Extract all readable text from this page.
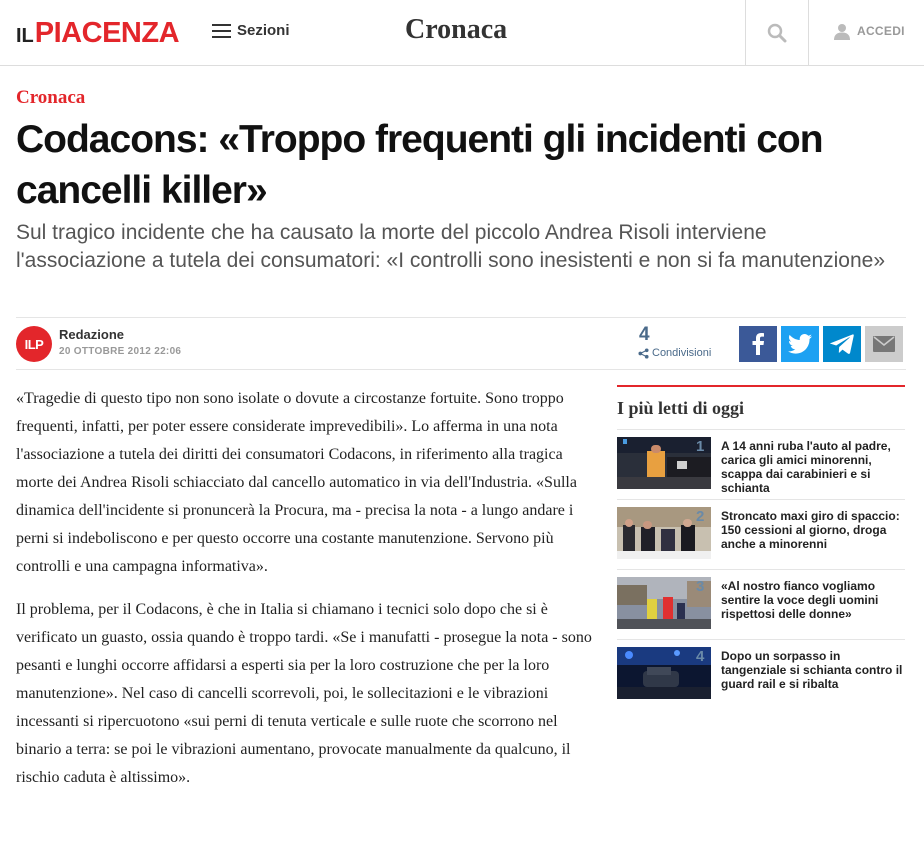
ILPIACENZA	Sezioni	Cronaca	ACCEDI
Cronaca
Codacons: «Troppo frequenti gli incidenti con cancelli killer»
Sul tragico incidente che ha causato la morte del piccolo Andrea Risoli interviene l'associazione a tutela dei consumatori: «I controlli sono inesistenti e non si fa manutenzione»
ILP
Redazione
20 OTTOBRE 2012 22:06
4
Condivisioni

«Tragedie di questo tipo non sono isolate o dovute a circostanze fortuite. Sono troppo frequenti, infatti, per poter essere considerate imprevedibili». Lo afferma in una nota l'associazione a tutela dei diritti dei consumatori Codacons, in riferimento alla tragica morte dei Andrea Risoli schiacciato dal cancello automatico in via dell'Industria. «Sulla dinamica dell'incidente si pronuncerà la Procura, ma - precisa la nota - a lungo andare i perni si indeboliscono e per questo occorre una costante manutenzione. Servono più controlli e una campagna informativa».

Il problema, per il Codacons, è che in Italia si chiamano i tecnici solo dopo che si è verificato un guasto, ossia quando è troppo tardi. «Se i manufatti - prosegue la nota - sono pesanti e lunghi occorre affidarsi a esperti sia per la loro costruzione che per la loro manutenzione». Nel caso di cancelli scorrevoli, poi, le sollecitazioni e le vibrazioni incessanti si ripercuotono «sui perni di tenuta verticale e sulle ruote che scorrono nel binario a terra: se poi le vibrazioni aumentano, provocate manualmente da qualcuno, il rischio caduta è altissimo».

I più letti di oggi
1 A 14 anni ruba l'auto al padre, carica gli amici minorenni, scappa dai carabinieri e si schianta
2 Stroncato maxi giro di spaccio: 150 cessioni al giorno, droga anche a minorenni
3 «Al nostro fianco vogliamo sentire la voce degli uomini rispettosi delle donne»
4 Dopo un sorpasso in tangenziale si schianta contro il guard rail e si ribalta
